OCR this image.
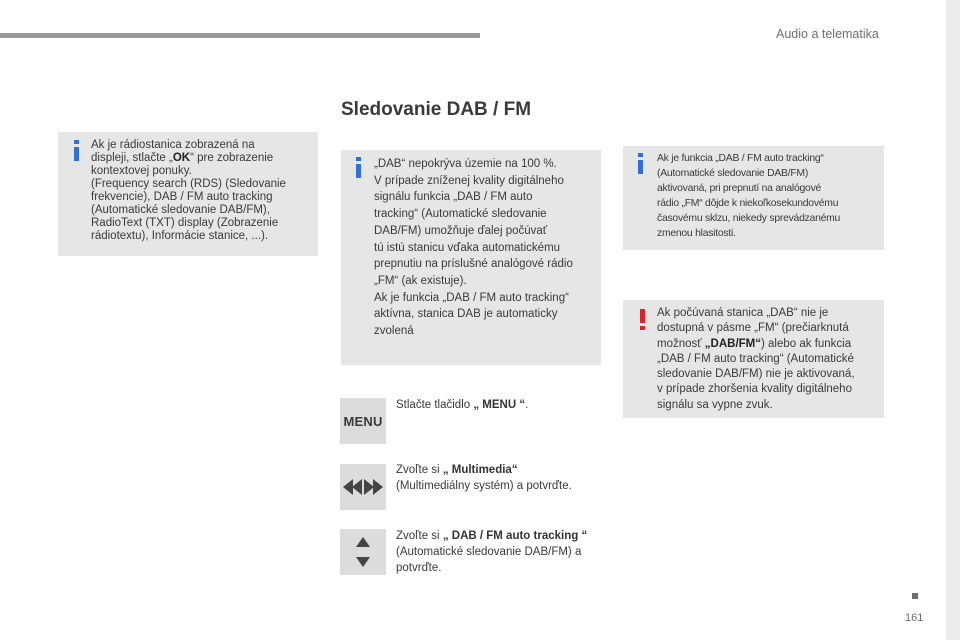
Audio a telematika
Sledovanie DAB / FM

Ak je rádiostanica zobrazená na

displeji, stlačte „OK“ pre zobrazenie

kontextovej ponuky.

(Frequency search (RDS) (Sledovanie

frekvencie), DAB / FM auto tracking

(Automatické sledovanie DAB/FM),

RadioText (TXT) display (Zobrazenie

rádiotextu), Informácie stanice, ...).

„DAB“ nepokrýva územie na 100 %.

V prípade zníženej kvality digitálneho

signálu funkcia „DAB / FM auto

tracking“ (Automatické sledovanie

DAB/FM) umožňuje ďalej počúvať

tú istú stanicu vďaka automatickému

prepnutiu na príslušné analógové rádio

„FM“ (ak existuje).

Ak je funkcia „DAB / FM auto tracking“

aktívna, stanica DAB je automaticky

zvolená

Ak je funkcia „DAB / FM auto tracking“

(Automatické sledovanie DAB/FM)

aktivovaná, pri prepnutí na analógové

rádio „FM“ dôjde k niekoľkosekundovému

časovému sklzu, niekedy sprevádzanému

zmenou hlasitosti.

Ak počúvaná stanica „DAB“ nie je

dostupná v pásme „FM“ (prečiarknutá

možnosť „DAB/FM“) alebo ak funkcia

„DAB / FM auto tracking“ (Automatické

sledovanie DAB/FM) nie je aktivovaná,

v prípade zhoršenia kvality digitálneho

signálu sa vypne zvuk.

MENU

Stlačte tlačidlo „ MENU “.

Zvoľte si „ Multimedia“
(Multimediálny systém) a potvrďte.

Zvoľte si „ DAB / FM auto tracking “
(Automatické sledovanie DAB/FM) a
potvrďte.

161
